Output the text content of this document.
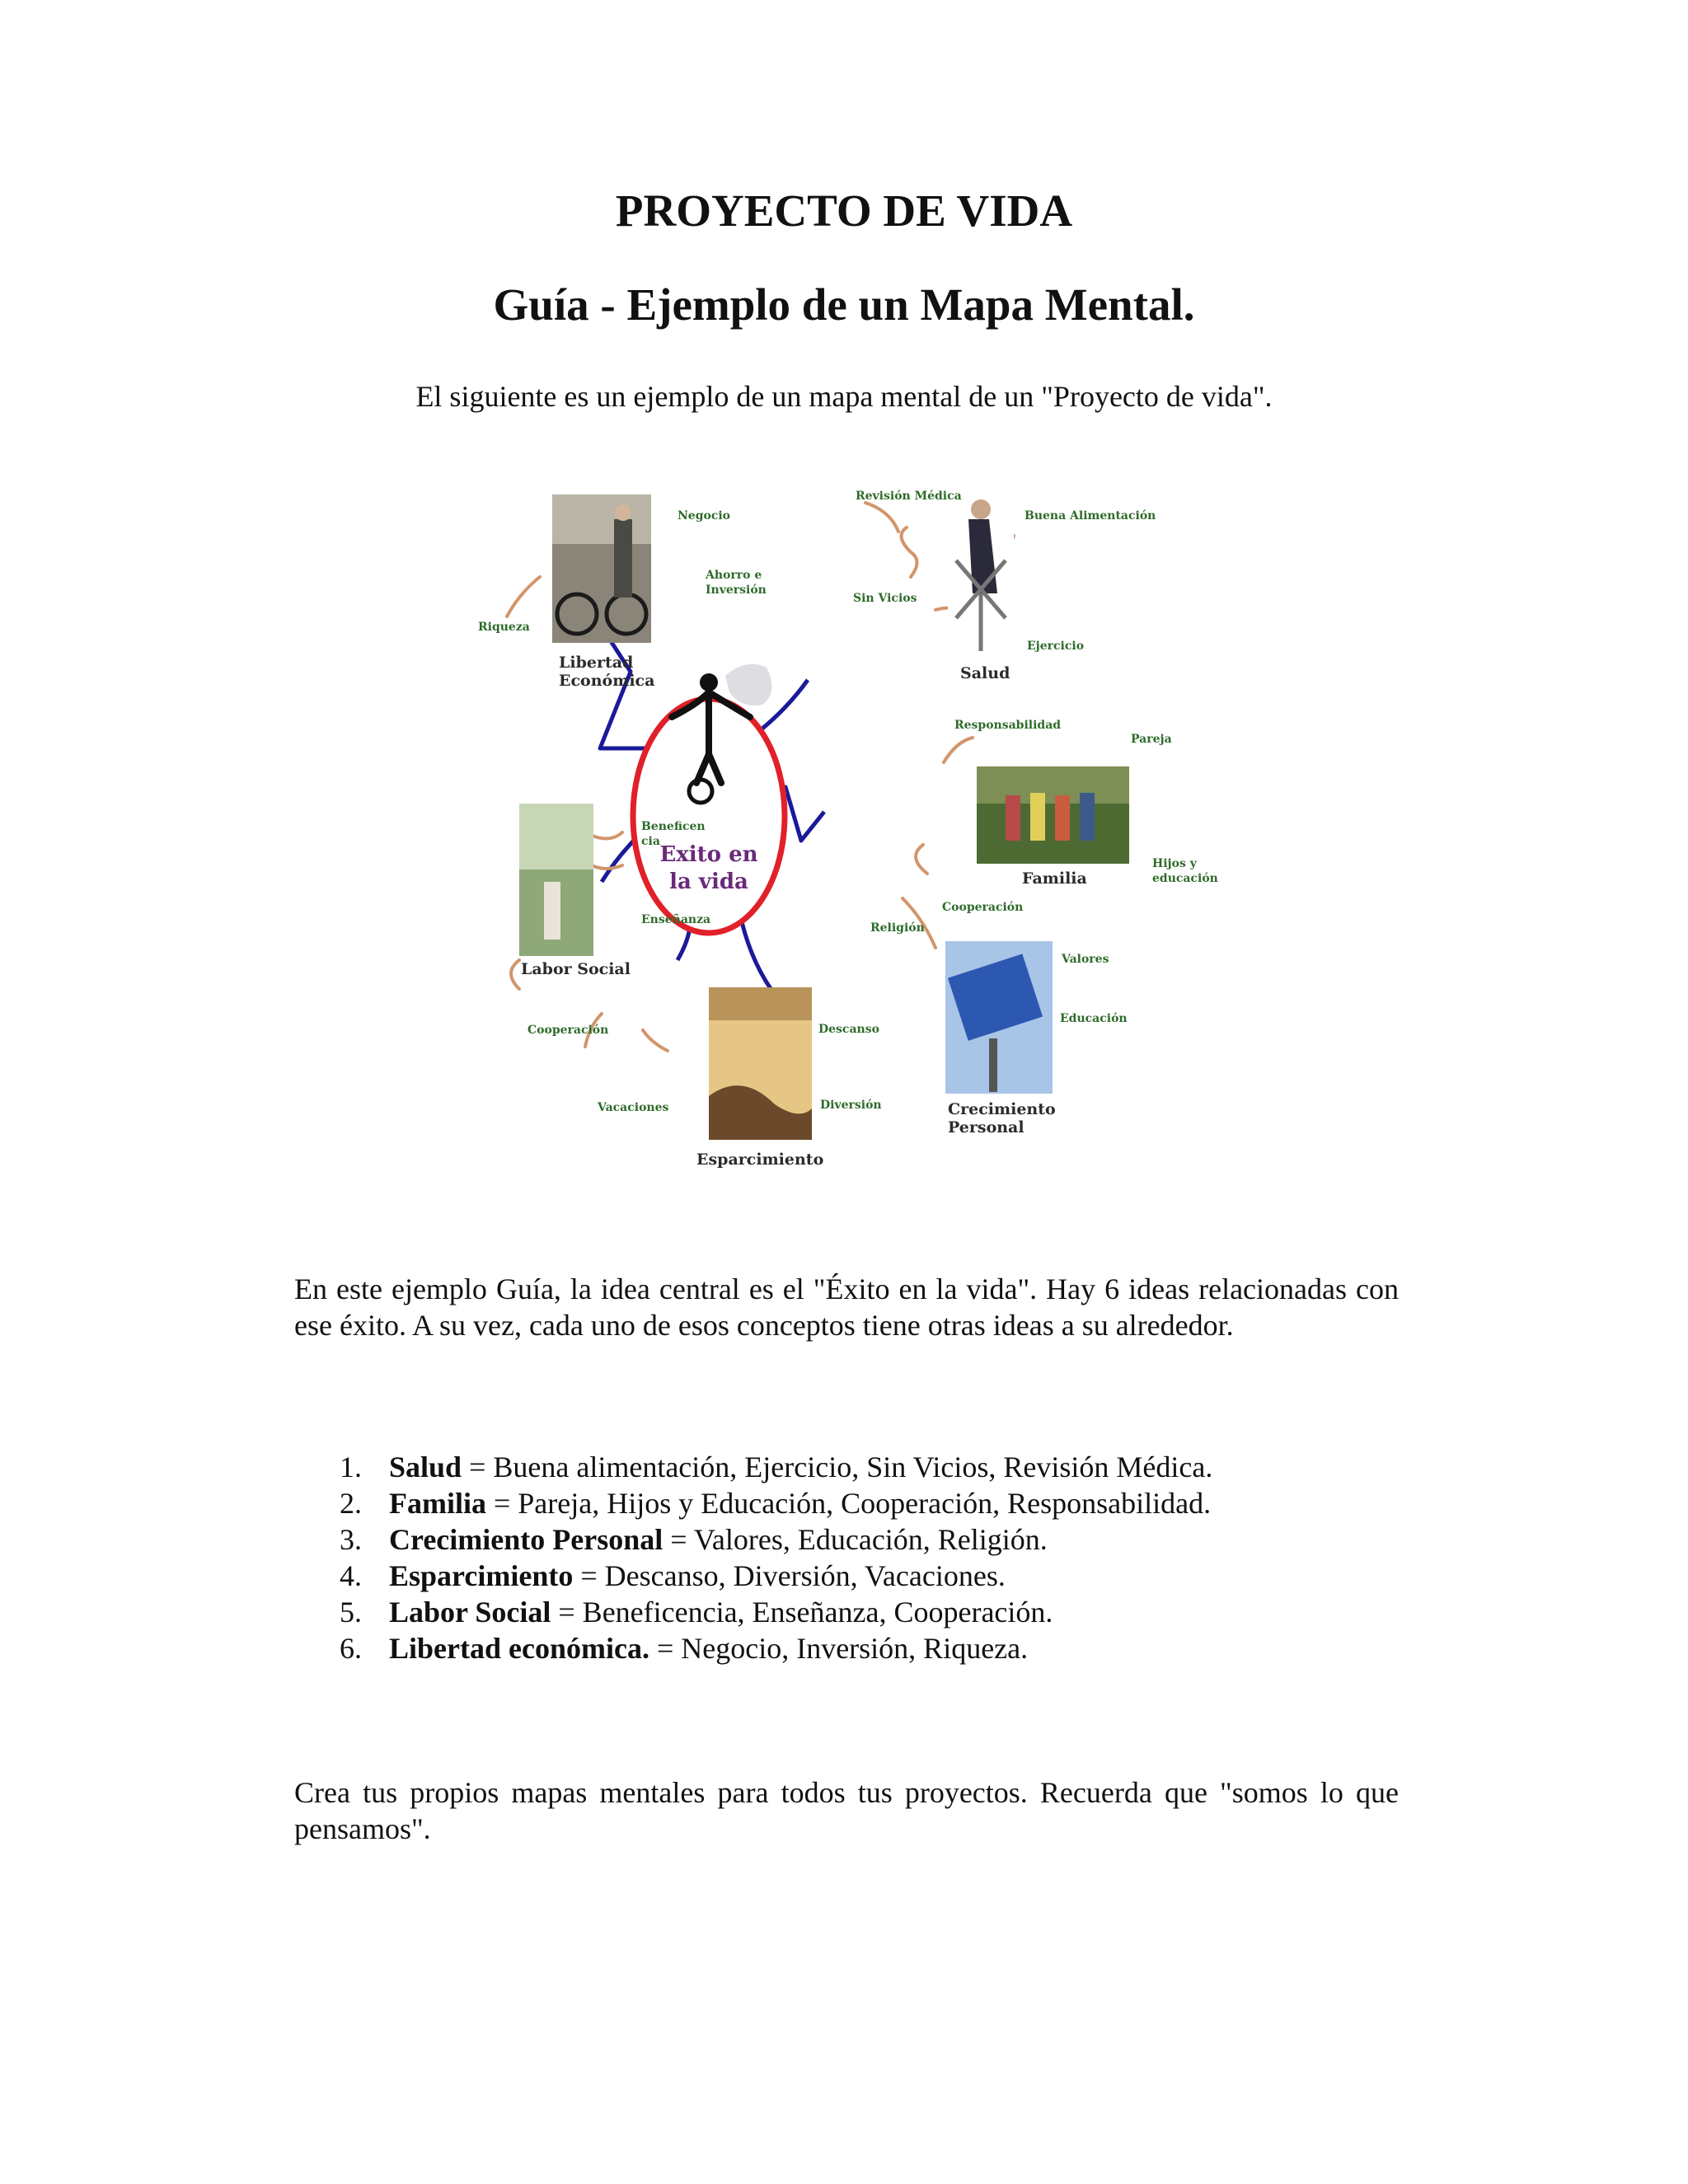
PROYECTO DE VIDA
Guía - Ejemplo de un Mapa Mental.
El siguiente es un ejemplo de un mapa mental de un "Proyecto de vida".
Exito en
la vida
Libertad
Económica
Negocio
Ahorro e
Inversión
Riqueza
Salud
Revisión Médica
Buena Alimentación
Sin Vicios
Ejercicio
Familia
Responsabilidad
Pareja
Hijos y
educación
Cooperación
Crecimiento
Personal
Religión
Valores
Educación
Esparcimiento
Descanso
Vacaciones	Diversión
Labor Social
Beneficen
cia
Enseñanza
Cooperación
En este ejemplo Guía, la idea central es el "Éxito en la vida". Hay 6 ideas relacionadas con ese éxito. A su vez, cada uno de esos conceptos tiene otras ideas a su alrededor.
1. Salud = Buena alimentación, Ejercicio, Sin Vicios, Revisión Médica.
2. Familia = Pareja, Hijos y Educación, Cooperación, Responsabilidad.
3. Crecimiento Personal = Valores, Educación, Religión.
4. Esparcimiento = Descanso, Diversión, Vacaciones.
5. Labor Social = Beneficencia, Enseñanza, Cooperación.
6. Libertad económica. = Negocio, Inversión, Riqueza.
Crea tus propios mapas mentales para todos tus proyectos. Recuerda que "somos lo que pensamos".
